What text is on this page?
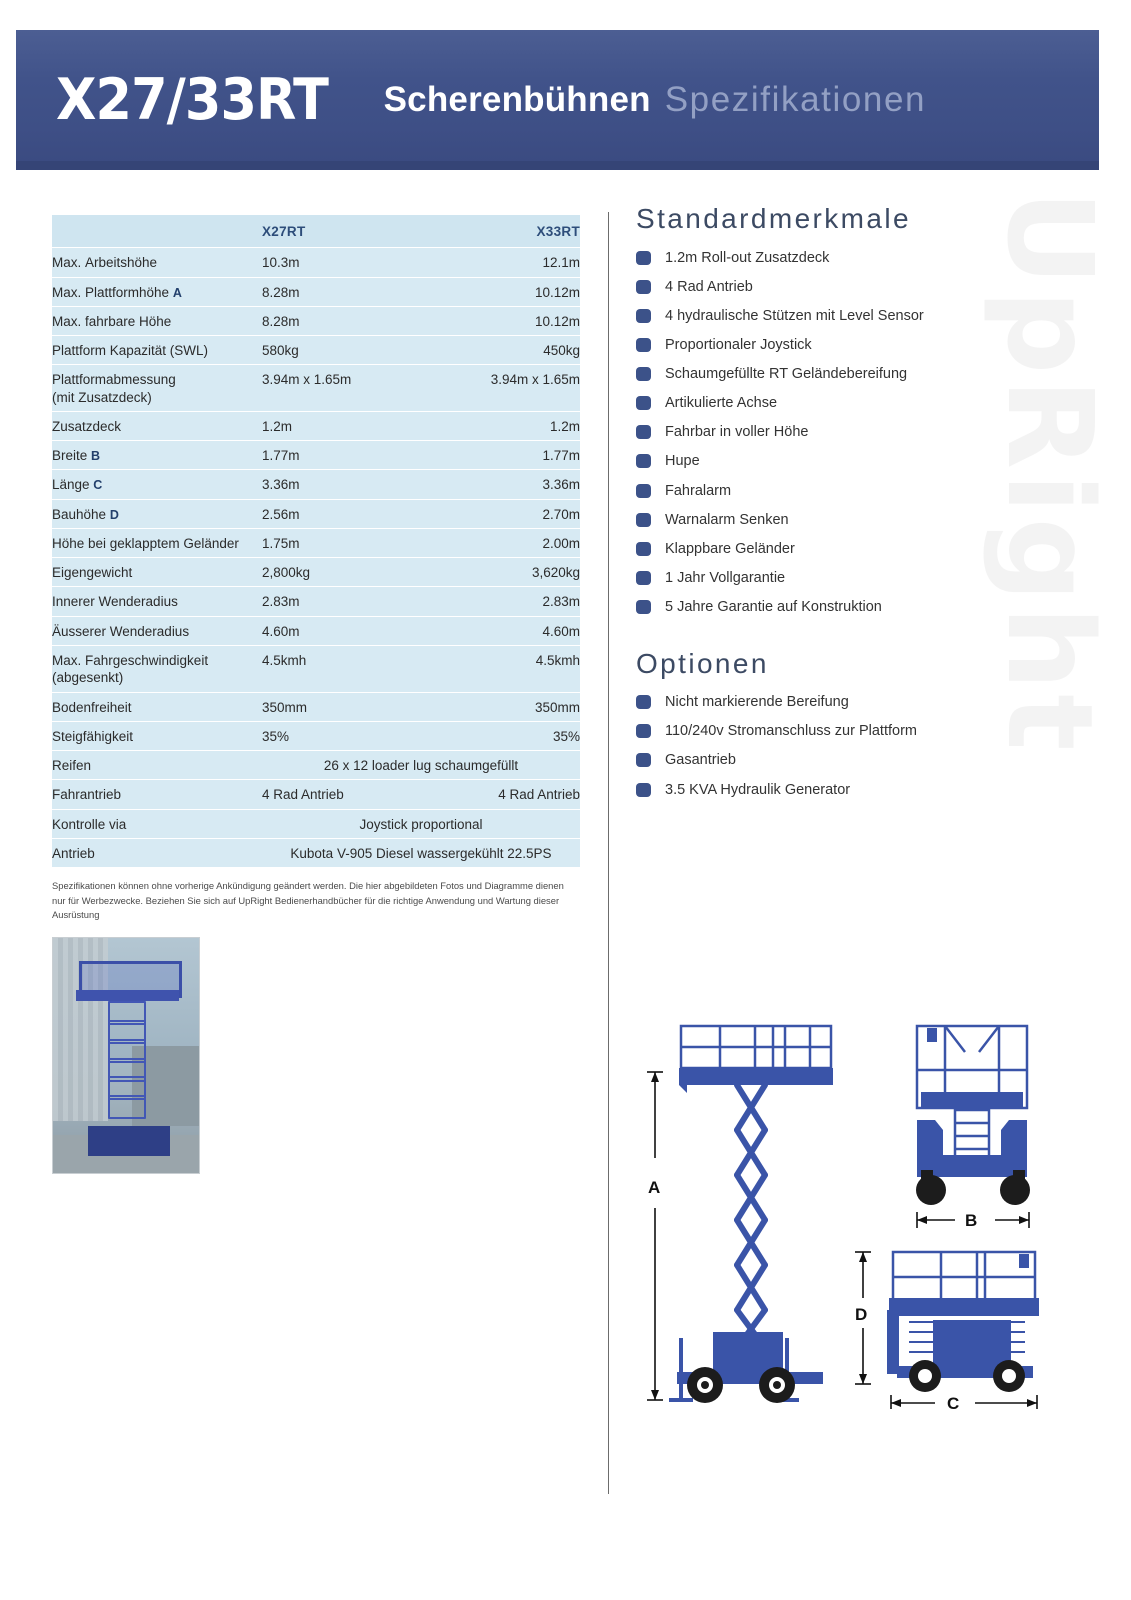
X27/33RT Scherenbühnen Spezifikationen
	X27RT	X33RT
Max. Arbeitshöhe	10.3m	12.1m
Max. Plattformhöhe A	8.28m	10.12m
Max. fahrbare Höhe	8.28m	10.12m
Plattform Kapazität (SWL)	580kg	450kg
Plattformabmessung
(mit Zusatzdeck)	3.94m x 1.65m	3.94m x 1.65m
Zusatzdeck	1.2m	1.2m
Breite B	1.77m	1.77m
Länge C	3.36m	3.36m
Bauhöhe D	2.56m	2.70m
Höhe bei geklapptem Geländer	1.75m	2.00m
Eigengewicht	2,800kg	3,620kg
Innerer Wenderadius	2.83m	2.83m
Äusserer Wenderadius	4.60m	4.60m
Max. Fahrgeschwindigkeit
(abgesenkt)	4.5kmh	4.5kmh
Bodenfreiheit	350mm	350mm
Steigfähigkeit	35%	35%
Reifen	26 x 12 loader lug schaumgefüllt	
Fahrantrieb	4 Rad Antrieb	4 Rad Antrieb
Kontrolle via	Joystick proportional	
Antrieb	Kubota V-905 Diesel wassergekühlt 22.5PS	
Spezifikationen können ohne vorherige Ankündigung geändert werden. Die hier abgebildeten Fotos und Diagramme dienen nur für Werbezwecke. Beziehen Sie sich auf UpRight Bedienerhandbücher für die richtige Anwendung und Wartung dieser Ausrüstung
Standardmerkmale
1.2m Roll-out Zusatzdeck
4 Rad Antrieb
4 hydraulische Stützen mit Level Sensor
Proportionaler Joystick
Schaumgefüllte RT Geländebereifung
Artikulierte Achse
Fahrbar in voller Höhe
Hupe
Fahralarm
Warnalarm Senken
Klappbare Geländer
1 Jahr Vollgarantie
5 Jahre Garantie auf Konstruktion
Optionen
Nicht markierende Bereifung
110/240v Stromanschluss zur Plattform
Gasantrieb
3.5 KVA Hydraulik Generator
A
B
D
C
